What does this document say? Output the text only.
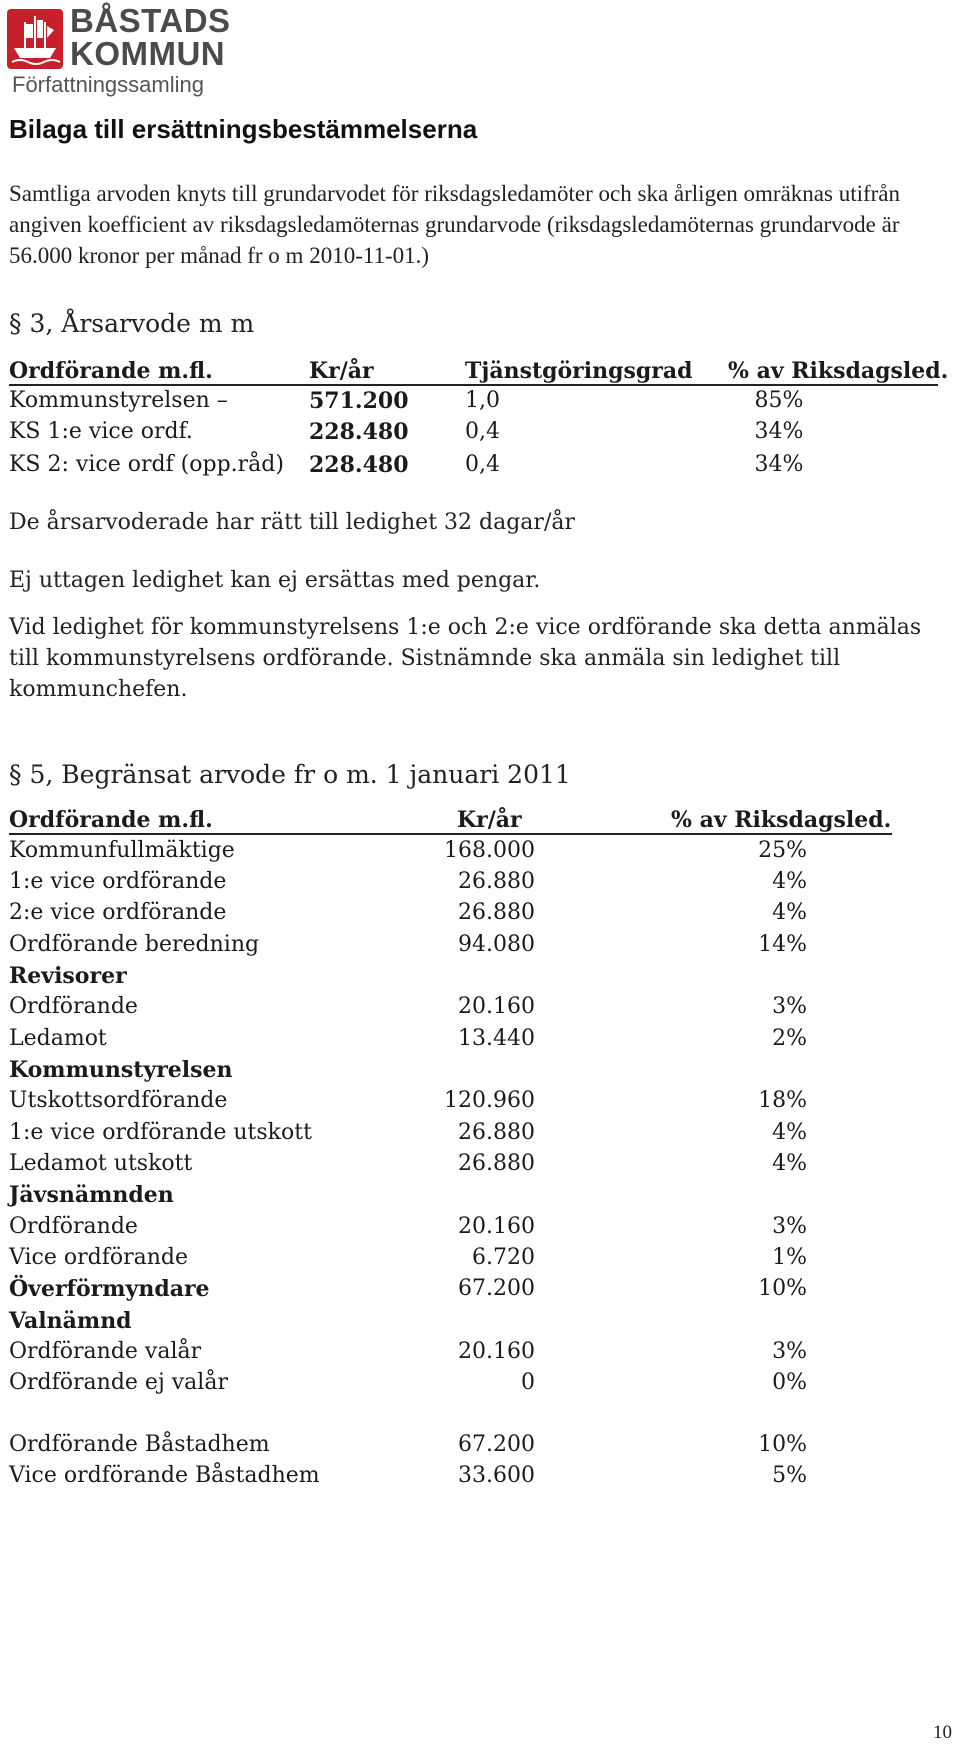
BÅSTADS
KOMMUN
Författningssamling
Bilaga till ersättningsbestämmelserna
Samtliga arvoden knyts till grundarvodet för riksdagsledamöter och ska årligen omräknas utifrån angiven koefficient av riksdagsledamöternas grundarvode (riksdagsledamöternas grundarvode är 56.000 kronor per månad fr o m 2010-11-01.)
§ 3, Årsarvode m m
Ordförande m.fl.	Kr/år	Tjänstgöringsgrad % av Riksdagsled.
Kommunstyrelsen –	571.200	1,0	85%
KS 1:e vice ordf.	228.480	0,4	34%
KS 2: vice ordf (opp.råd) 228.480	0,4	34%
De årsarvoderade har rätt till ledighet 32 dagar/år
Ej uttagen ledighet kan ej ersättas med pengar.
Vid ledighet för kommunstyrelsens 1:e och 2:e vice ordförande ska detta anmälas till kommunstyrelsens ordförande. Sistnämnde ska anmäla sin ledighet till kommunchefen.
§ 5, Begränsat arvode fr o m. 1 januari 2011
Ordförande m.fl.	Kr/år	% av Riksdagsled.
Kommunfullmäktige	168.000	25%
1:e vice ordförande	26.880	4%
2:e vice ordförande	26.880	4%
Ordförande beredning	94.080	14%
Revisorer
Ordförande	20.160	3%
Ledamot	13.440	2%
Kommunstyrelsen
Utskottsordförande	120.960	18%
1:e vice ordförande utskott	26.880	4%
Ledamot utskott	26.880	4%
Jävsnämnden
Ordförande	20.160	3%
Vice ordförande	6.720	1%
Överförmyndare	67.200	10%
Valnämnd
Ordförande valår	20.160	3%
Ordförande ej valår	0	0%
Ordförande Båstadhem	67.200	10%
Vice ordförande Båstadhem	33.600	5%
10
